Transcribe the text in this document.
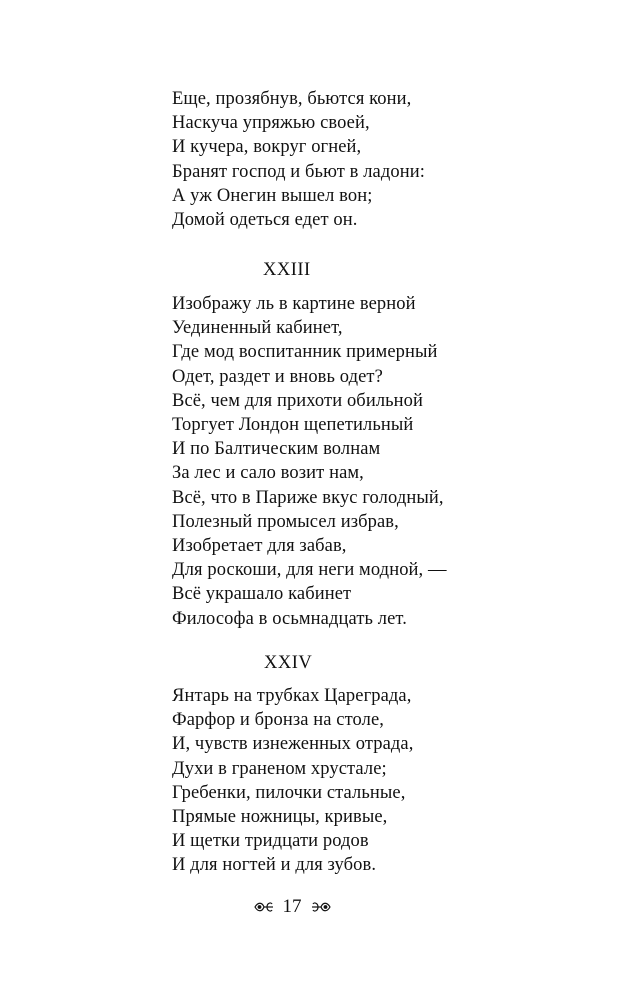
Еще, прозябнув, бьются кони,
Наскуча упряжью своей,
И кучера, вокруг огней,
Бранят господ и бьют в ладони:
А уж Онегин вышел вон;
Домой одеться едет он.
XXIII
Изображу ль в картине верной
Уединенный кабинет,
Где мод воспитанник примерный
Одет, раздет и вновь одет?
Всё, чем для прихоти обильной
Торгует Лондон щепетильный
И по Балтическим волнам
За лес и сало возит нам,
Всё, что в Париже вкус голодный,
Полезный промысел избрав,
Изобретает для забав,
Для роскоши, для неги модной, —
Всё украшало кабинет
Философа в осьмнадцать лет.
XXIV
Янтарь на трубках Цареграда,
Фарфор и бронза на столе,
И, чувств изнеженных отрада,
Духи в граненом хрустале;
Гребенки, пилочки стальные,
Прямые ножницы, кривые,
И щетки тридцати родов
И для ногтей и для зубов.
17
